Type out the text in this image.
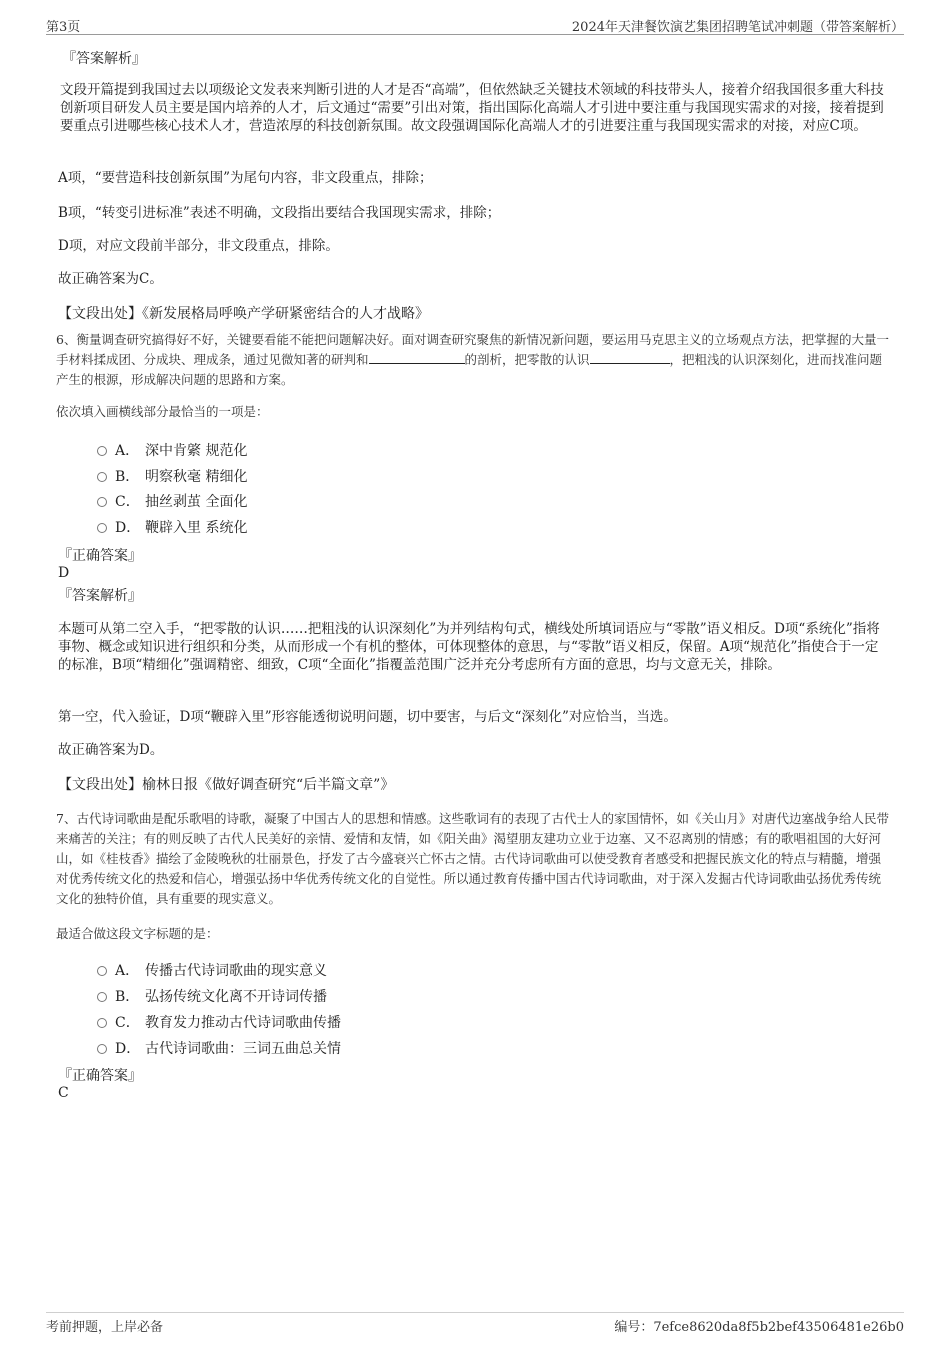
第3页	2024年天津餐饮演艺集团招聘笔试冲刺题（带答案解析）
『答案解析』

文段开篇提到我国过去以项级论文发表来判断引进的人才是否“高端”，但依然缺乏关键技术领域的科技带头人，接着介绍我国很多重大科技创新项目研发人员主要是国内培养的人才，后文通过“需要”引出对策，指出国际化高端人才引进中要注重与我国现实需求的对接，接着提到要重点引进哪些核心技术人才，营造浓厚的科技创新氛围。故文段强调国际化高端人才的引进要注重与我国现实需求的对接，对应C项。

A项，“要营造科技创新氛围”为尾句内容，非文段重点，排除；

B项，“转变引进标准”表述不明确，文段指出要结合我国现实需求，排除；

D项，对应文段前半部分，非文段重点，排除。

故正确答案为C。

【文段出处】《新发展格局呼唤产学研紧密结合的人才战略》

6、衡量调查研究搞得好不好，关键要看能不能把问题解决好。面对调查研究聚焦的新情况新问题，要运用马克思主义的立场观点方法，把掌握的大量一手材料揉成团、分成块、理成条，通过见微知著的研判和	的剖析，把零散的认识	，把粗浅的认识深刻化，进而找准问题产生的根源，形成解决问题的思路和方案。

依次填入画横线部分最恰当的一项是：

A． 深中肯綮 规范化
B． 明察秋毫 精细化
C． 抽丝剥茧 全面化
D． 鞭辟入里 系统化
『正确答案』
D
『答案解析』

本题可从第二空入手，“把零散的认识……把粗浅的认识深刻化”为并列结构句式，横线处所填词语应与“零散”语义相反。D项“系统化”指将事物、概念或知识进行组织和分类，从而形成一个有机的整体，可体现整体的意思，与“零散”语义相反，保留。A项“规范化”指使合于一定的标准，B项“精细化”强调精密、细致，C项“全面化”指覆盖范围广泛并充分考虑所有方面的意思，均与文意无关，排除。

第一空，代入验证，D项“鞭辟入里”形容能透彻说明问题，切中要害，与后文“深刻化”对应恰当，当选。

故正确答案为D。

【文段出处】榆林日报《做好调查研究“后半篇文章”》

7、古代诗词歌曲是配乐歌唱的诗歌，凝聚了中国古人的思想和情感。这些歌词有的表现了古代士人的家国情怀，如《关山月》对唐代边塞战争给人民带来痛苦的关注；有的则反映了古代人民美好的亲情、爱情和友情，如《阳关曲》渴望朋友建功立业于边塞、又不忍离别的情感；有的歌唱祖国的大好河山，如《桂枝香》描绘了金陵晚秋的壮丽景色，抒发了古今盛衰兴亡怀古之情。古代诗词歌曲可以使受教育者感受和把握民族文化的特点与精髓，增强对优秀传统文化的热爱和信心，增强弘扬中华优秀传统文化的自觉性。所以通过教育传播中国古代诗词歌曲，对于深入发掘古代诗词歌曲弘扬优秀传统文化的独特价值，具有重要的现实意义。

最适合做这段文字标题的是：

A． 传播古代诗词歌曲的现实意义
B． 弘扬传统文化离不开诗词传播
C． 教育发力推动古代诗词歌曲传播
D． 古代诗词歌曲：三词五曲总关情
『正确答案』
C
考前押题，上岸必备	编号：7efce8620da8f5b2bef43506481e26b0
